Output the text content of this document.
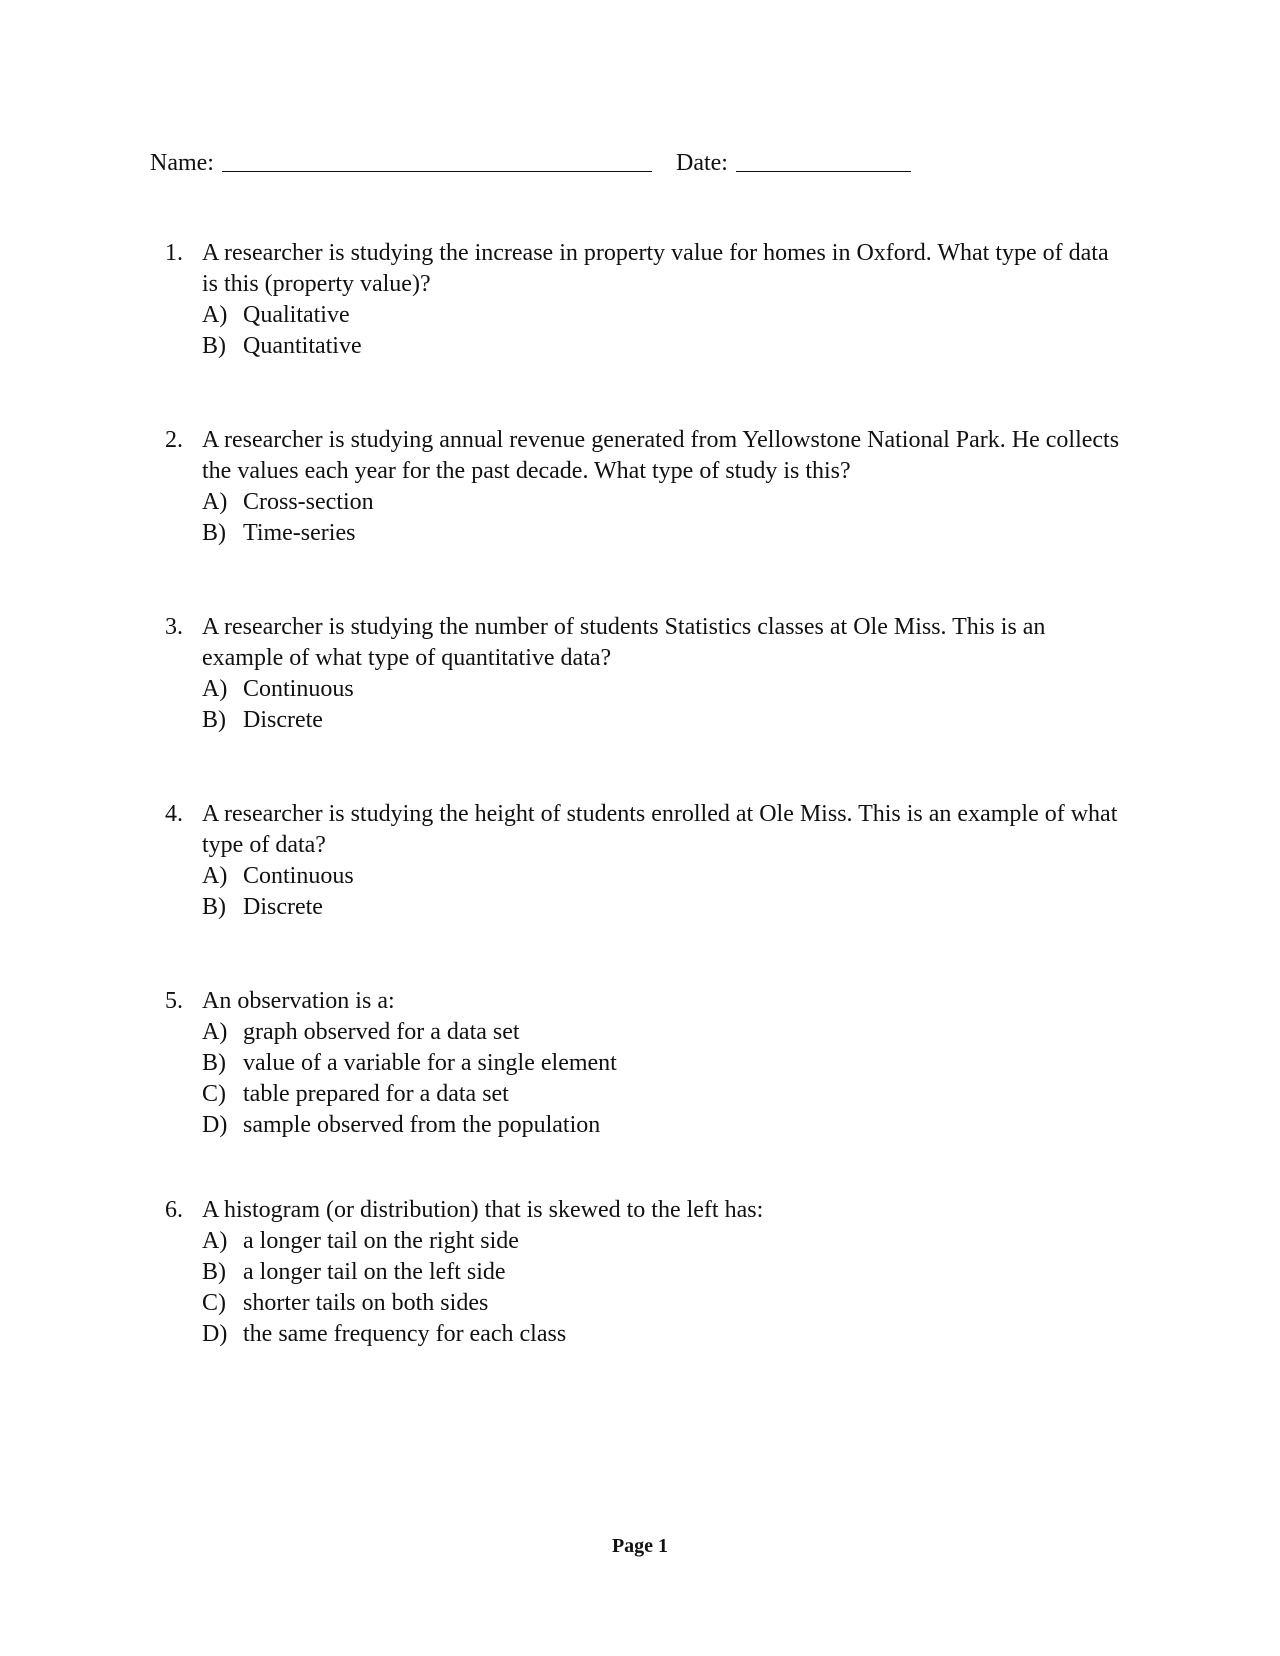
Name:	Date:
1. A researcher is studying the increase in property value for homes in Oxford. What type of data is this (property value)?
A) Qualitative
B) Quantitative
2. A researcher is studying annual revenue generated from Yellowstone National Park. He collects the values each year for the past decade. What type of study is this?
A) Cross-section
B) Time-series
3. A researcher is studying the number of students Statistics classes at Ole Miss. This is an example of what type of quantitative data?
A) Continuous
B) Discrete
4. A researcher is studying the height of students enrolled at Ole Miss. This is an example of what type of data?
A) Continuous
B) Discrete
5. An observation is a:
A) graph observed for a data set
B) value of a variable for a single element
C) table prepared for a data set
D) sample observed from the population
6. A histogram (or distribution) that is skewed to the left has:
A) a longer tail on the right side
B) a longer tail on the left side
C) shorter tails on both sides
D) the same frequency for each class
Page 1
